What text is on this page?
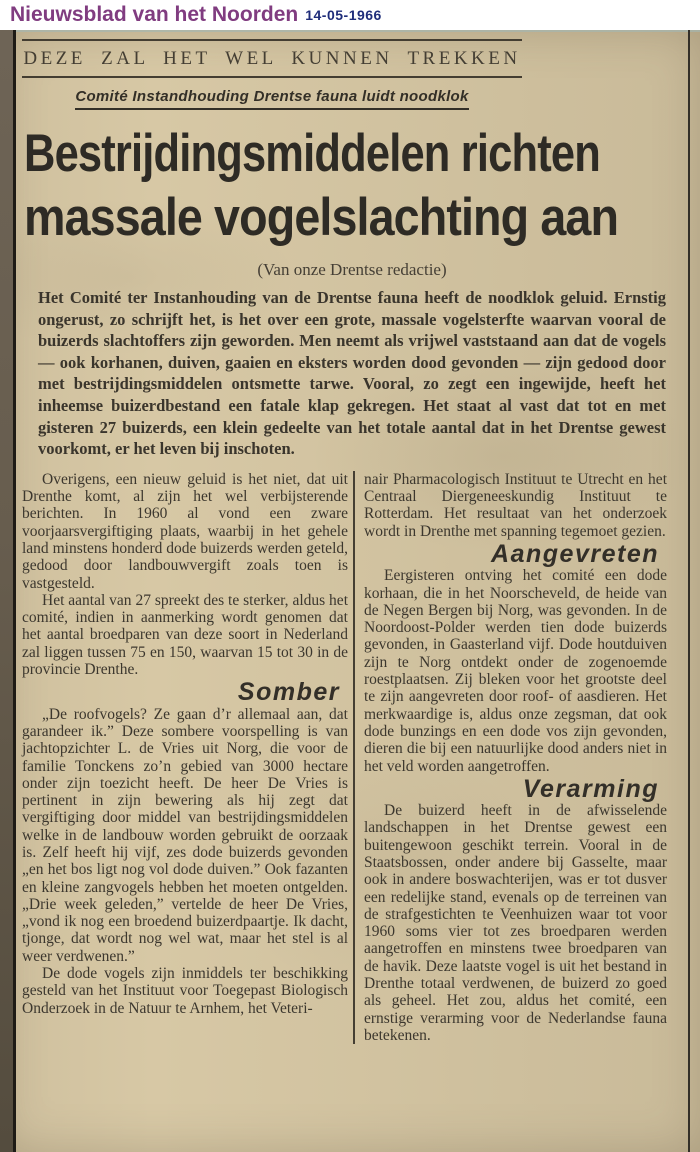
Nieuwsblad van het Noorden 14-05-1966
DEZE ZAL HET WEL KUNNEN TREKKEN
Comité Instandhouding Drentse fauna luidt noodklok
Bestrijdingsmiddelen richten
massale vogelslachting aan
(Van onze Drentse redactie)
Het Comité ter Instanhouding van de Drentse fauna heeft de noodklok geluid. Ernstig ongerust, zo schrijft het, is het over een grote, massale vogelsterfte waarvan vooral de buizerds slachtoffers zijn geworden. Men neemt als vrijwel vaststaand aan dat de vogels — ook korhanen, duiven, gaaien en eksters worden dood gevonden — zijn gedood door met bestrijdingsmiddelen ontsmette tarwe. Vooral, zo zegt een ingewijde, heeft het inheemse buizerdbestand een fatale klap gekregen. Het staat al vast dat tot en met gisteren 27 buizerds, een klein gedeelte van het totale aantal dat in het Drentse gewest voorkomt, er het leven bij inschoten.
Overigens, een nieuw geluid is het niet, dat uit Drenthe komt, al zijn het wel verbijsterende berichten. In 1960 al vond een zware voorjaarsvergiftiging plaats, waarbij in het gehele land minstens honderd dode buizerds werden geteld, gedood door landbouwvergift zoals toen is vastgesteld.
Het aantal van 27 spreekt des te sterker, aldus het comité, indien in aanmerking wordt genomen dat het aantal broedparen van deze soort in Nederland zal liggen tussen 75 en 150, waarvan 15 tot 30 in de provincie Drenthe.
Somber
„De roofvogels? Ze gaan d’r allemaal aan, dat garandeer ik.” Deze sombere voorspelling is van jachtopzichter L. de Vries uit Norg, die voor de familie Tonckens zo’n gebied van 3000 hectare onder zijn toezicht heeft. De heer De Vries is pertinent in zijn bewering als hij zegt dat vergiftiging door middel van bestrijdingsmiddelen welke in de landbouw worden gebruikt de oorzaak is. Zelf heeft hij vijf, zes dode buizerds gevonden „en het bos ligt nog vol dode duiven.” Ook fazanten en kleine zangvogels hebben het moeten ontgelden. „Drie week geleden,” vertelde de heer De Vries, „vond ik nog een broedend buizerdpaartje. Ik dacht, tjonge, dat wordt nog wel wat, maar het stel is al weer verdwenen.”
De dode vogels zijn inmiddels ter beschikking gesteld van het Instituut voor Toegepast Biologisch Onderzoek in de Natuur te Arnhem, het Veteri-
nair Pharmacologisch Instituut te Utrecht en het Centraal Diergeneeskundig Instituut te Rotterdam. Het resultaat van het onderzoek wordt in Drenthe met spanning tegemoet gezien.
Aangevreten
Eergisteren ontving het comité een dode korhaan, die in het Noorscheveld, de heide van de Negen Bergen bij Norg, was gevonden. In de Noordoost-Polder werden tien dode buizerds gevonden, in Gaasterland vijf. Dode houtduiven zijn te Norg ontdekt onder de zogenoemde roestplaatsen. Zij bleken voor het grootste deel te zijn aangevreten door roof- of aasdieren. Het merkwaardige is, aldus onze zegsman, dat ook dode bunzings en een dode vos zijn gevonden, dieren die bij een natuurlijke dood anders niet in het veld worden aangetroffen.
Verarming
De buizerd heeft in de afwisselende landschappen in het Drentse gewest een buitengewoon geschikt terrein. Vooral in de Staatsbossen, onder andere bij Gasselte, maar ook in andere boswachterijen, was er tot dusver een redelijke stand, evenals op de terreinen van de strafgestichten te Veenhuizen waar tot voor 1960 soms vier tot zes broedparen werden aangetroffen en minstens twee broedparen van de havik. Deze laatste vogel is uit het bestand in Drenthe totaal verdwenen, de buizerd zo goed als geheel. Het zou, aldus het comité, een ernstige verarming voor de Nederlandse fauna betekenen.
